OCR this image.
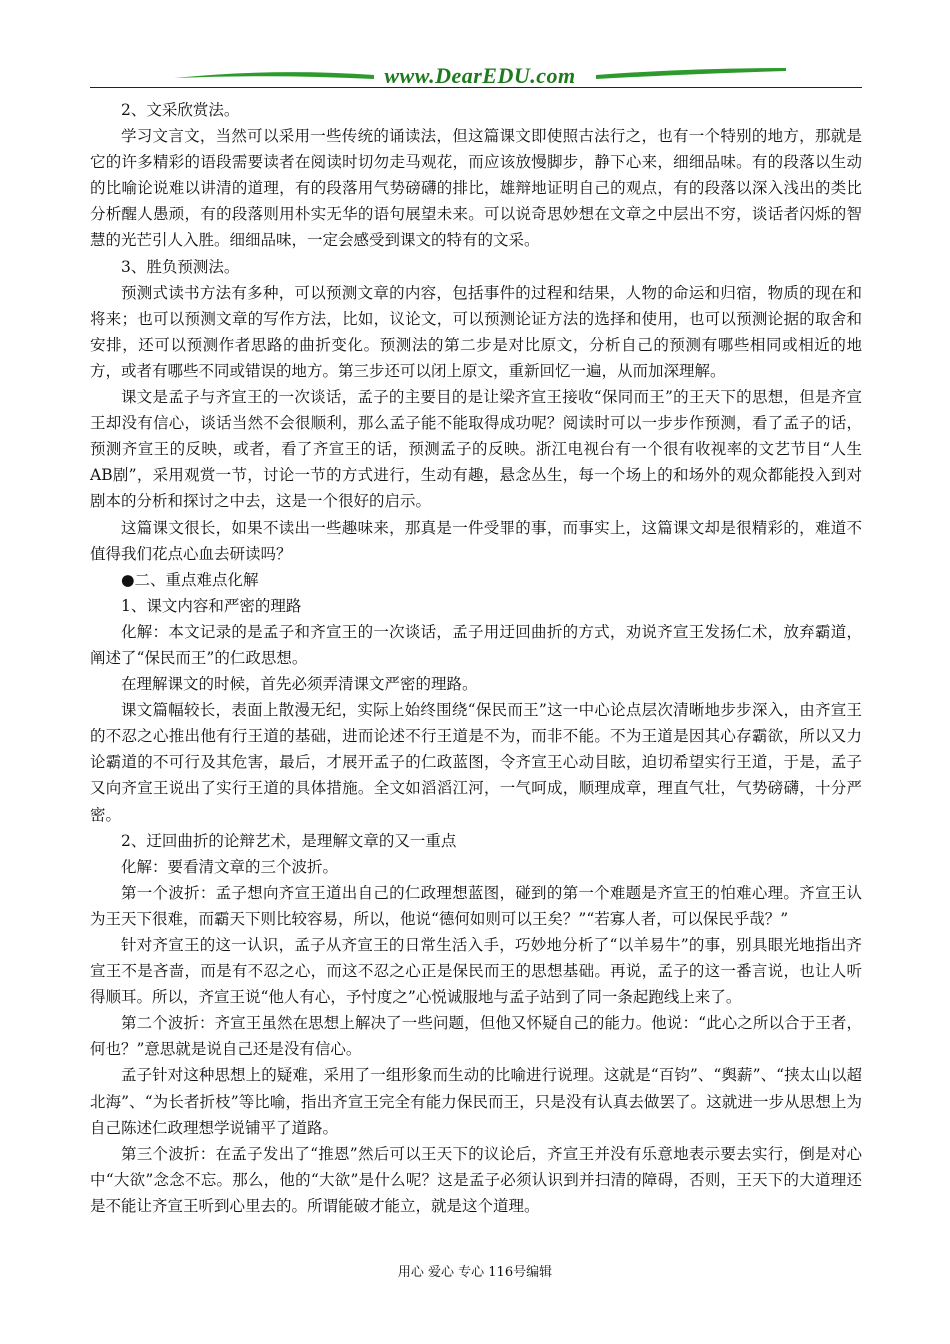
www.DearEDU.com

2、文采欣赏法。

学习文言文，当然可以采用一些传统的诵读法，但这篇课文即使照古法行之，也有一个特别的地方，那就是它的许多精彩的语段需要读者在阅读时切勿走马观花，而应该放慢脚步，静下心来，细细品味。有的段落以生动的比喻论说难以讲清的道理，有的段落用气势磅礴的排比，雄辩地证明自己的观点，有的段落以深入浅出的类比分析醒人愚顽，有的段落则用朴实无华的语句展望未来。可以说奇思妙想在文章之中层出不穷，谈话者闪烁的智慧的光芒引人入胜。细细品味，一定会感受到课文的特有的文采。

3、胜负预测法。

预测式读书方法有多种，可以预测文章的内容，包括事件的过程和结果，人物的命运和归宿，物质的现在和将来；也可以预测文章的写作方法，比如，议论文，可以预测论证方法的选择和使用，也可以预测论据的取舍和安排，还可以预测作者思路的曲折变化。预测法的第二步是对比原文，分析自己的预测有哪些相同或相近的地方，或者有哪些不同或错误的地方。第三步还可以闭上原文，重新回忆一遍，从而加深理解。

课文是孟子与齐宣王的一次谈话，孟子的主要目的是让梁齐宣王接收“保同而王”的王天下的思想，但是齐宣王却没有信心，谈话当然不会很顺利，那么孟子能不能取得成功呢？阅读时可以一步步作预测，看了孟子的话，预测齐宣王的反映，或者，看了齐宣王的话，预测孟子的反映。浙江电视台有一个很有收视率的文艺节目“人生AB剧”，采用观赏一节，讨论一节的方式进行，生动有趣，悬念丛生，每一个场上的和场外的观众都能投入到对剧本的分析和探讨之中去，这是一个很好的启示。

这篇课文很长，如果不读出一些趣味来，那真是一件受罪的事，而事实上，这篇课文却是很精彩的，难道不值得我们花点心血去研读吗？

●二、重点难点化解

1、课文内容和严密的理路

化解：本文记录的是孟子和齐宣王的一次谈话，孟子用迂回曲折的方式，劝说齐宣王发扬仁术，放弃霸道，阐述了“保民而王”的仁政思想。

在理解课文的时候，首先必须弄清课文严密的理路。

课文篇幅较长，表面上散漫无纪，实际上始终围绕“保民而王”这一中心论点层次清晰地步步深入，由齐宣王的不忍之心推出他有行王道的基础，进而论述不行王道是不为，而非不能。不为王道是因其心存霸欲，所以又力论霸道的不可行及其危害，最后，才展开孟子的仁政蓝图，令齐宣王心动目眩，迫切希望实行王道，于是，孟子又向齐宣王说出了实行王道的具体措施。全文如滔滔江河，一气呵成，顺理成章，理直气壮，气势磅礴，十分严密。

2、迂回曲折的论辩艺术，是理解文章的又一重点

化解：要看清文章的三个波折。

第一个波折：孟子想向齐宣王道出自己的仁政理想蓝图，碰到的第一个难题是齐宣王的怕难心理。齐宣王认为王天下很难，而霸天下则比较容易，所以，他说“德何如则可以王矣？”“若寡人者，可以保民乎哉？”

针对齐宣王的这一认识，孟子从齐宣王的日常生活入手，巧妙地分析了“以羊易牛”的事，别具眼光地指出齐宣王不是吝啬，而是有不忍之心，而这不忍之心正是保民而王的思想基础。再说，孟子的这一番言说，也让人听得顺耳。所以，齐宣王说“他人有心，予忖度之”心悦诚服地与孟子站到了同一条起跑线上来了。

第二个波折：齐宣王虽然在思想上解决了一些问题，但他又怀疑自己的能力。他说：“此心之所以合于王者，何也？”意思就是说自己还是没有信心。

孟子针对这种思想上的疑难，采用了一组形象而生动的比喻进行说理。这就是“百钧”、“舆薪”、“挟太山以超北海”、“为长者折枝”等比喻，指出齐宣王完全有能力保民而王，只是没有认真去做罢了。这就进一步从思想上为自己陈述仁政理想学说铺平了道路。

第三个波折：在孟子发出了“推恩”然后可以王天下的议论后，齐宣王并没有乐意地表示要去实行，倒是对心中“大欲”念念不忘。那么，他的“大欲”是什么呢？这是孟子必须认识到并扫清的障碍，否则，王天下的大道理还是不能让齐宣王听到心里去的。所谓能破才能立，就是这个道理。

用心 爱心 专心 116号编辑
